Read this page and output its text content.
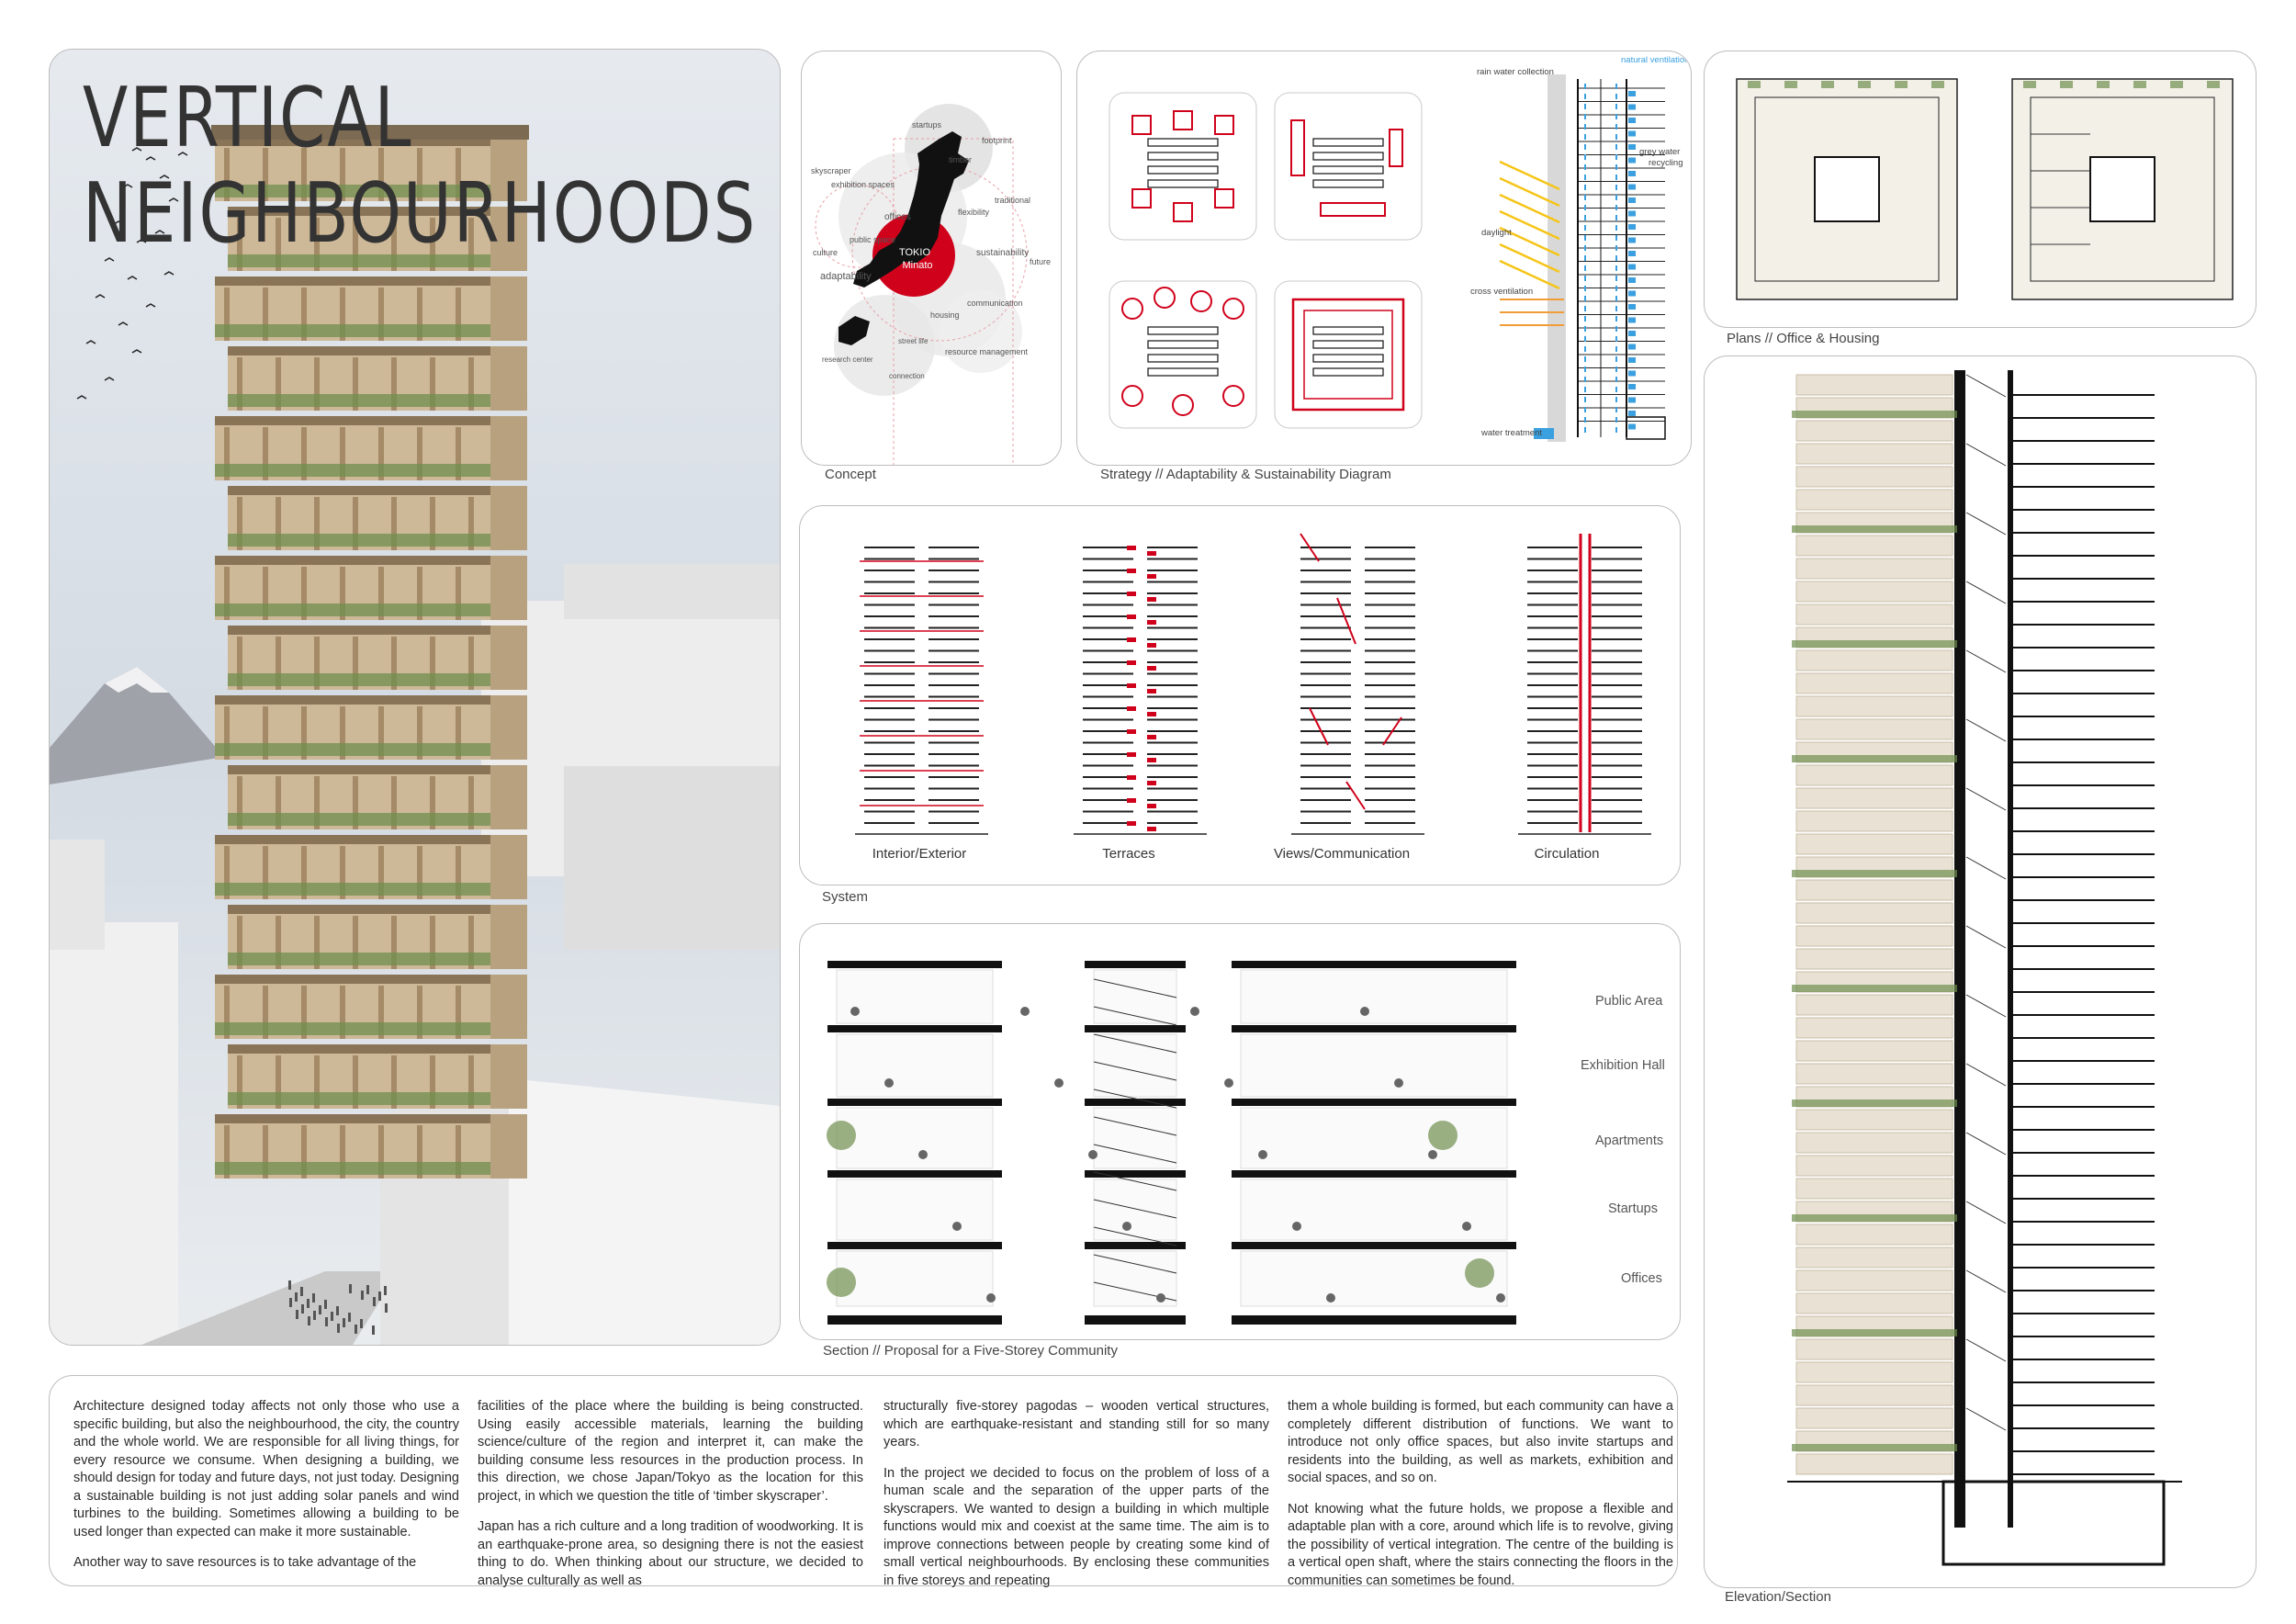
VERTICAL NEIGHBOURHOODS	TOKIO
Minato
startups
footprint
skyscraper
timber
exhibition spaces
traditional
offices	flexibility
public space
culture	sustainability
future
adaptability
communication
housing
street life
resource management
research center
connection
Concept
rain water collection
natural ventilation
grey water
recycling
daylight
cross ventilation
water treatment
Strategy // Adaptability & Sustainability Diagram
Plans // Office & Housing
Interior/Exterior	Terraces	Views/Communication	Circulation
System
Public Area
Exhibition Hall
Apartments
Startups
Offices
Section // Proposal for a Five-Storey Community
Elevation/Section

Architecture designed today affects not only those who use a specific building, but also the neighbourhood, the city, the country and the whole world. We are responsible for all living things, for every resource we consume. When designing a building, we should design for today and future days, not just today. Designing a sustainable building is not just adding solar panels and wind turbines to the building. Sometimes allowing a building to be used longer than expected can make it more sustainable.

Another way to save resources is to take advantage of the

facilities of the place where the building is being constructed. Using easily accessible materials, learning the building science/culture of the region and interpret it, can make the building consume less resources in the production process. In this direction, we chose Japan/Tokyo as the location for this project, in which we question the title of ‘timber skyscraper’.

Japan has a rich culture and a long tradition of woodworking. It is an earthquake-prone area, so designing there is not the easiest thing to do. When thinking about our structure, we decided to analyse culturally as well as

structurally five-storey pagodas – wooden vertical structures, which are earthquake-resistant and standing still for so many years.

In the project we decided to focus on the problem of loss of a human scale and the separation of the upper parts of the skyscrapers. We wanted to design a building in which multiple functions would mix and coexist at the same time. The aim is to improve connections between people by creating some kind of small vertical neighbourhoods. By enclosing these communities in five storeys and repeating

them a whole building is formed, but each community can have a completely different distribution of functions. We want to introduce not only office spaces, but also invite startups and residents into the building, as well as markets, exhibition and social spaces, and so on.

Not knowing what the future holds, we propose a flexible and adaptable plan with a core, around which life is to revolve, giving the possibility of vertical integration. The centre of the building is a vertical open shaft, where the stairs connecting the floors in the communities can sometimes be found.
